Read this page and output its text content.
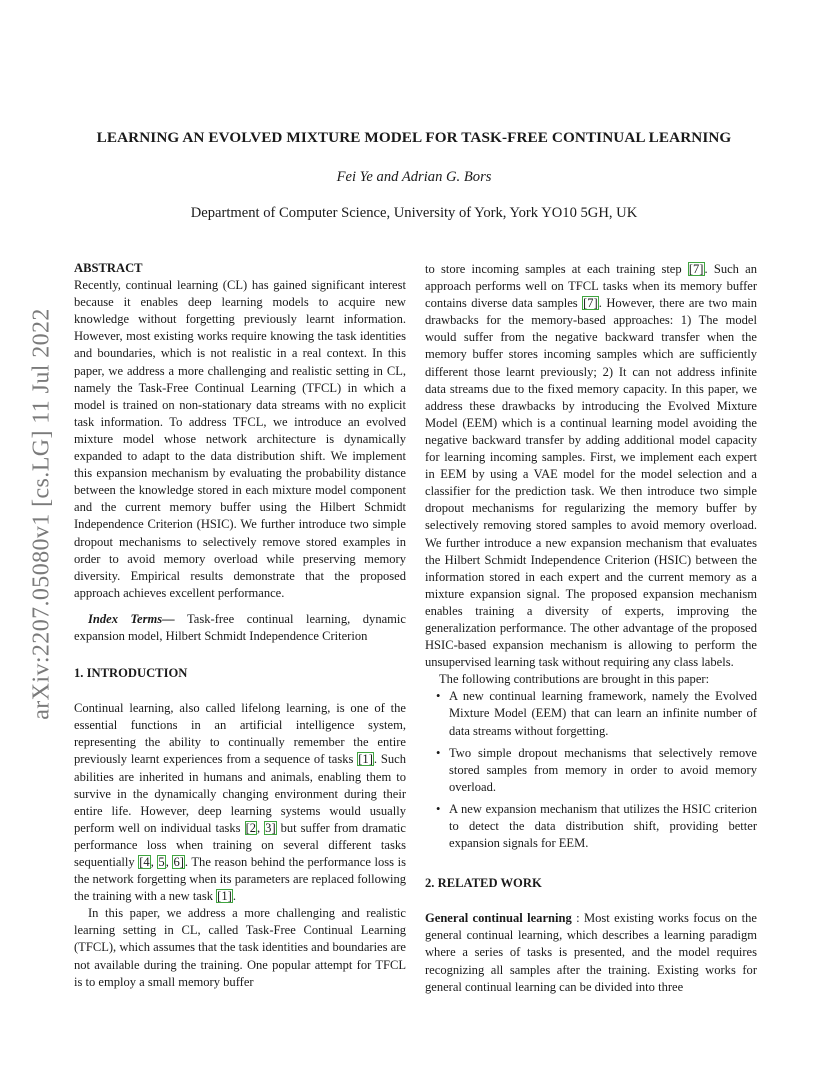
arXiv:2207.05080v1 [cs.LG] 11 Jul 2022
LEARNING AN EVOLVED MIXTURE MODEL FOR TASK-FREE CONTINUAL LEARNING
Fei Ye and Adrian G. Bors
Department of Computer Science, University of York, York YO10 5GH, UK

ABSTRACT

Recently, continual learning (CL) has gained significant interest because it enables deep learning models to acquire new knowledge without forgetting previously learnt information. However, most existing works require knowing the task identities and boundaries, which is not realistic in a real context. In this paper, we address a more challenging and realistic setting in CL, namely the Task-Free Continual Learning (TFCL) in which a model is trained on non-stationary data streams with no explicit task information. To address TFCL, we introduce an evolved mixture model whose network architecture is dynamically expanded to adapt to the data distribution shift. We implement this expansion mechanism by evaluating the probability distance between the knowledge stored in each mixture model component and the current memory buffer using the Hilbert Schmidt Independence Criterion (HSIC). We further introduce two simple dropout mechanisms to selectively remove stored examples in order to avoid memory overload while preserving memory diversity. Empirical results demonstrate that the proposed approach achieves excellent performance.

Index Terms— Task-free continual learning, dynamic expansion model, Hilbert Schmidt Independence Criterion

1. INTRODUCTION

Continual learning, also called lifelong learning, is one of the essential functions in an artificial intelligence system, representing the ability to continually remember the entire previously learnt experiences from a sequence of tasks [1]. Such abilities are inherited in humans and animals, enabling them to survive in the dynamically changing environment during their entire life. However, deep learning systems would usually perform well on individual tasks [2, 3] but suffer from dramatic performance loss when training on several different tasks sequentially [4, 5, 6]. The reason behind the performance loss is the network forgetting when its parameters are replaced following the training with a new task [1].

In this paper, we address a more challenging and realistic learning setting in CL, called Task-Free Continual Learning (TFCL), which assumes that the task identities and boundaries are not available during the training. One popular attempt for TFCL is to employ a small memory buffer

to store incoming samples at each training step [7]. Such an approach performs well on TFCL tasks when its memory buffer contains diverse data samples [7]. However, there are two main drawbacks for the memory-based approaches: 1) The model would suffer from the negative backward transfer when the memory buffer stores incoming samples which are sufficiently different those learnt previously; 2) It can not address infinite data streams due to the fixed memory capacity. In this paper, we address these drawbacks by introducing the Evolved Mixture Model (EEM) which is a continual learning model avoiding the negative backward transfer by adding additional model capacity for learning incoming samples. First, we implement each expert in EEM by using a VAE model for the model selection and a classifier for the prediction task. We then introduce two simple dropout mechanisms for regularizing the memory buffer by selectively removing stored samples to avoid memory overload. We further introduce a new expansion mechanism that evaluates the Hilbert Schmidt Independence Criterion (HSIC) between the information stored in each expert and the current memory as a mixture expansion signal. The proposed expansion mechanism enables training a diversity of experts, improving the generalization performance. The other advantage of the proposed HSIC-based expansion mechanism is allowing to perform the unsupervised learning task without requiring any class labels.

The following contributions are brought in this paper:

• A new continual learning framework, namely the Evolved Mixture Model (EEM) that can learn an infinite number of data streams without forgetting.
• Two simple dropout mechanisms that selectively remove stored samples from memory in order to avoid memory overload.
• A new expansion mechanism that utilizes the HSIC criterion to detect the data distribution shift, providing better expansion signals for EEM.

2. RELATED WORK

General continual learning : Most existing works focus on the general continual learning, which describes a learning paradigm where a series of tasks is presented, and the model requires recognizing all samples after the training. Existing works for general continual learning can be divided into three
